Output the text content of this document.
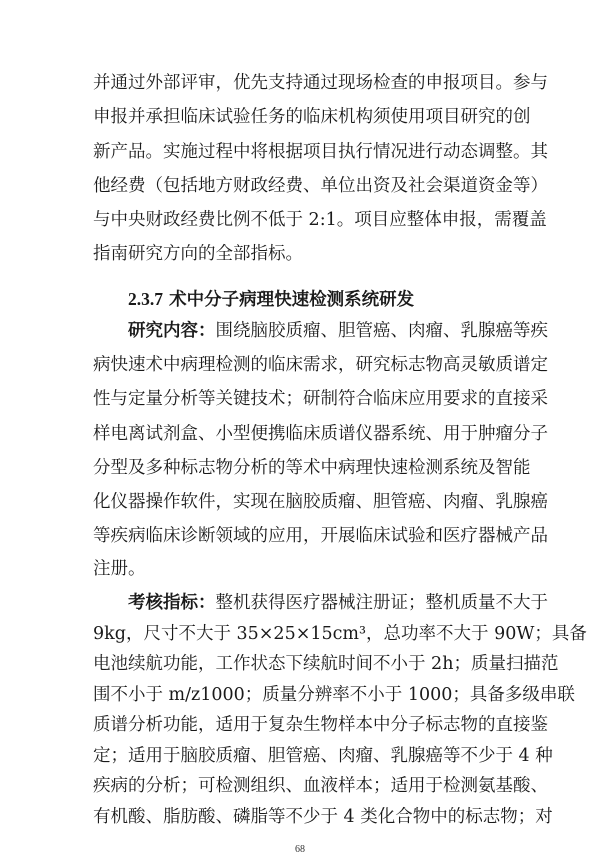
并通过外部评审，优先支持通过现场检查的申报项目。参与
申报并承担临床试验任务的临床机构须使用项目研究的创
新产品。实施过程中将根据项目执行情况进行动态调整。其
他经费（包括地方财政经费、单位出资及社会渠道资金等）
与中央财政经费比例不低于 2:1。项目应整体申报，需覆盖
指南研究方向的全部指标。
2.3.7 术中分子病理快速检测系统研发
研究内容：围绕脑胶质瘤、胆管癌、肉瘤、乳腺癌等疾
病快速术中病理检测的临床需求，研究标志物高灵敏质谱定
性与定量分析等关键技术；研制符合临床应用要求的直接采
样电离试剂盒、小型便携临床质谱仪器系统、用于肿瘤分子
分型及多种标志物分析的等术中病理快速检测系统及智能
化仪器操作软件，实现在脑胶质瘤、胆管癌、肉瘤、乳腺癌
等疾病临床诊断领域的应用，开展临床试验和医疗器械产品
注册。
考核指标：整机获得医疗器械注册证；整机质量不大于
9kg，尺寸不大于 35×25×15cm³，总功率不大于 90W；具备
电池续航功能，工作状态下续航时间不小于 2h；质量扫描范
围不小于 m/z1000；质量分辨率不小于 1000；具备多级串联
质谱分析功能，适用于复杂生物样本中分子标志物的直接鉴
定；适用于脑胶质瘤、胆管癌、肉瘤、乳腺癌等不少于 4 种
68
疾病的分析；可检测组织、血液样本；适用于检测氨基酸、
有机酸、脂肪酸、磷脂等不少于 4 类化合物中的标志物；对
